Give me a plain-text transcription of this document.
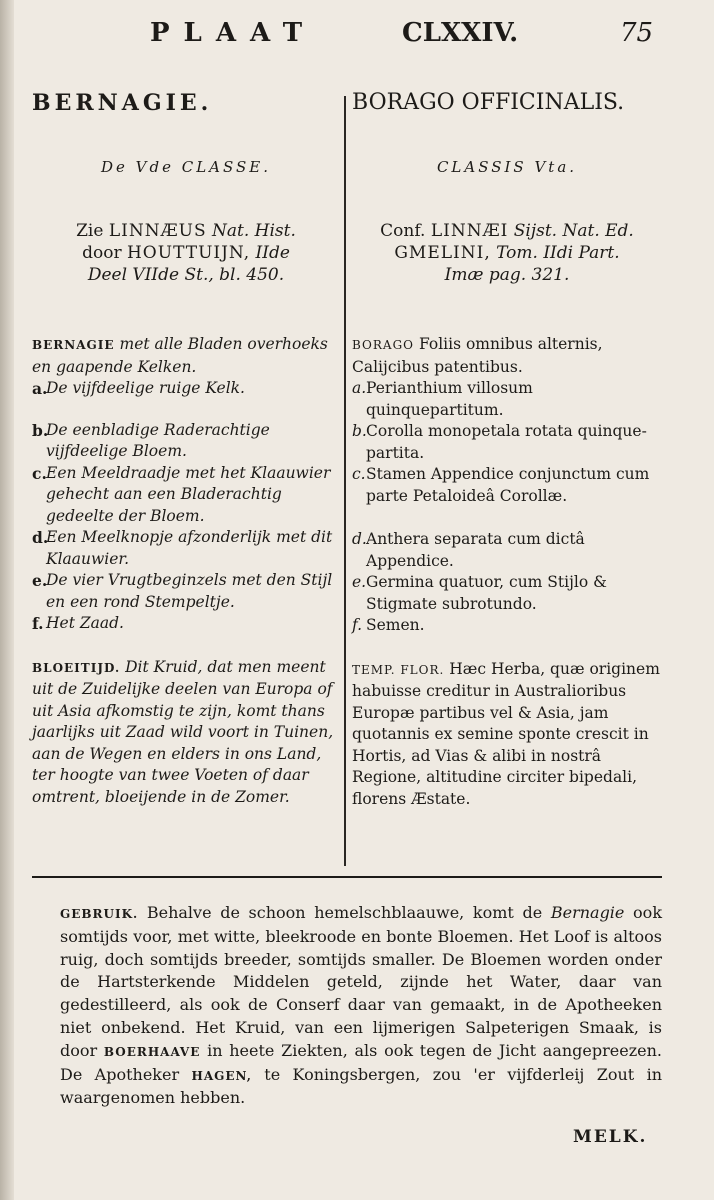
PLAAT	CLXXIV.	75
BERNAGIE.
De Vde CLASSE.
Zie LINNÆUS Nat. Hist.
door HOUTTUIJN, IIde
Deel VIIde St., bl. 450.
BERNAGIE met alle Bladen overhoeks en gaapende Kelken.
a.
De vijfdeelige ruige Kelk.
b.
De eenbladige Raderachtige vijfdeelige Bloem.
c. Een Meeldraadje met het Klaauwier gehecht aan een Bladerachtig gedeelte der Bloem.
d.
Een Meelknopje afzonderlijk met dit Klaauwier.
e.
De vier Vrugtbeginzels met den Stijl en een rond Stempeltje.
f. Het Zaad.
BLOEITIJD. Dit Kruid, dat men meent uit de Zuidelijke deelen van Europa of uit Asia afkomstig te zijn, komt thans jaarlijks uit Zaad wild voort in Tuinen, aan de Wegen en elders in ons Land, ter hoogte van twee Voeten of daar omtrent, bloeijende in de Zomer.
BORAGO OFFICINALIS.
CLASSIS Vta.
Conf. LINNÆI Sijst. Nat. Ed.
GMELINI, Tom. IIdi Part.
Imæ pag. 321.
BORAGO Foliis omnibus alternis, Calijcibus patentibus.
a. Perianthium villosum quinquepartitum.
b. Corolla monopetala rotata quinque-partita.
c. Stamen Appendice conjunctum cum parte Petaloideâ Corollæ.
d. Anthera separata cum dictâ Appendice.
e. Germina quatuor, cum Stijlo & Stigmate subrotundo.
f. Semen.
TEMP. FLOR. Hæc Herba, quæ originem habuisse creditur in Australioribus Europæ partibus vel & Asia, jam quotannis ex semine sponte crescit in Hortis, ad Vias & alibi in nostrâ Regione, altitudine circiter bipedali, florens Æstate.
GEBRUIK. Behalve de schoon hemelschblaauwe, komt de Bernagie ook somtijds voor, met witte, bleekroode en bonte Bloemen. Het Loof is altoos ruig, doch somtijds breeder, somtijds smaller. De Bloemen worden onder de Hartsterkende Middelen geteld, zijnde het Water, daar van gedestilleerd, als ook de Conserf daar van gemaakt, in de Apotheeken niet onbekend. Het Kruid, van een lijmerigen Salpeterigen Smaak, is door BOERHAAVE in heete Ziekten, als ook tegen de Jicht aangepreezen. De Apotheker HAGEN, te Koningsbergen, zou 'er vijfderleij Zout in waargenomen hebben.
MELK.
